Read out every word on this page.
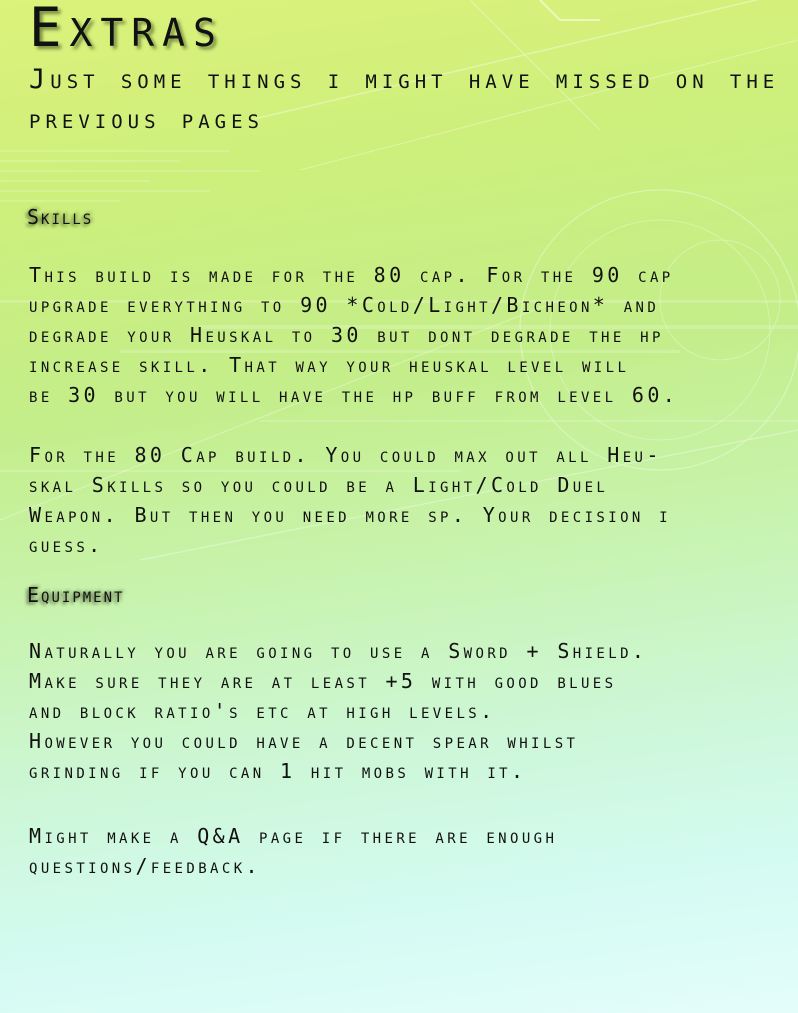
Extras

Just some things i might have missed on the previous pages

Skills

This build is made for the 80 cap. For the 90 cap
upgrade everything to 90 *Cold/Light/Bicheon* and
degrade your Heuskal to 30 but dont degrade the hp
increase skill. That way your heuskal level will
be 30 but you will have the hp buff from level 60.

For the 80 Cap build. You could max out all Heu-
skal Skills so you could be a Light/Cold Duel
Weapon. But then you need more sp. Your decision i
guess.

Equipment

Naturally you are going to use a Sword + Shield.
Make sure they are at least +5 with good blues
and block ratio's etc at high levels.
However you could have a decent spear whilst
grinding if you can 1 hit mobs with it.

Might make a Q&A page if there are enough
questions/feedback.
